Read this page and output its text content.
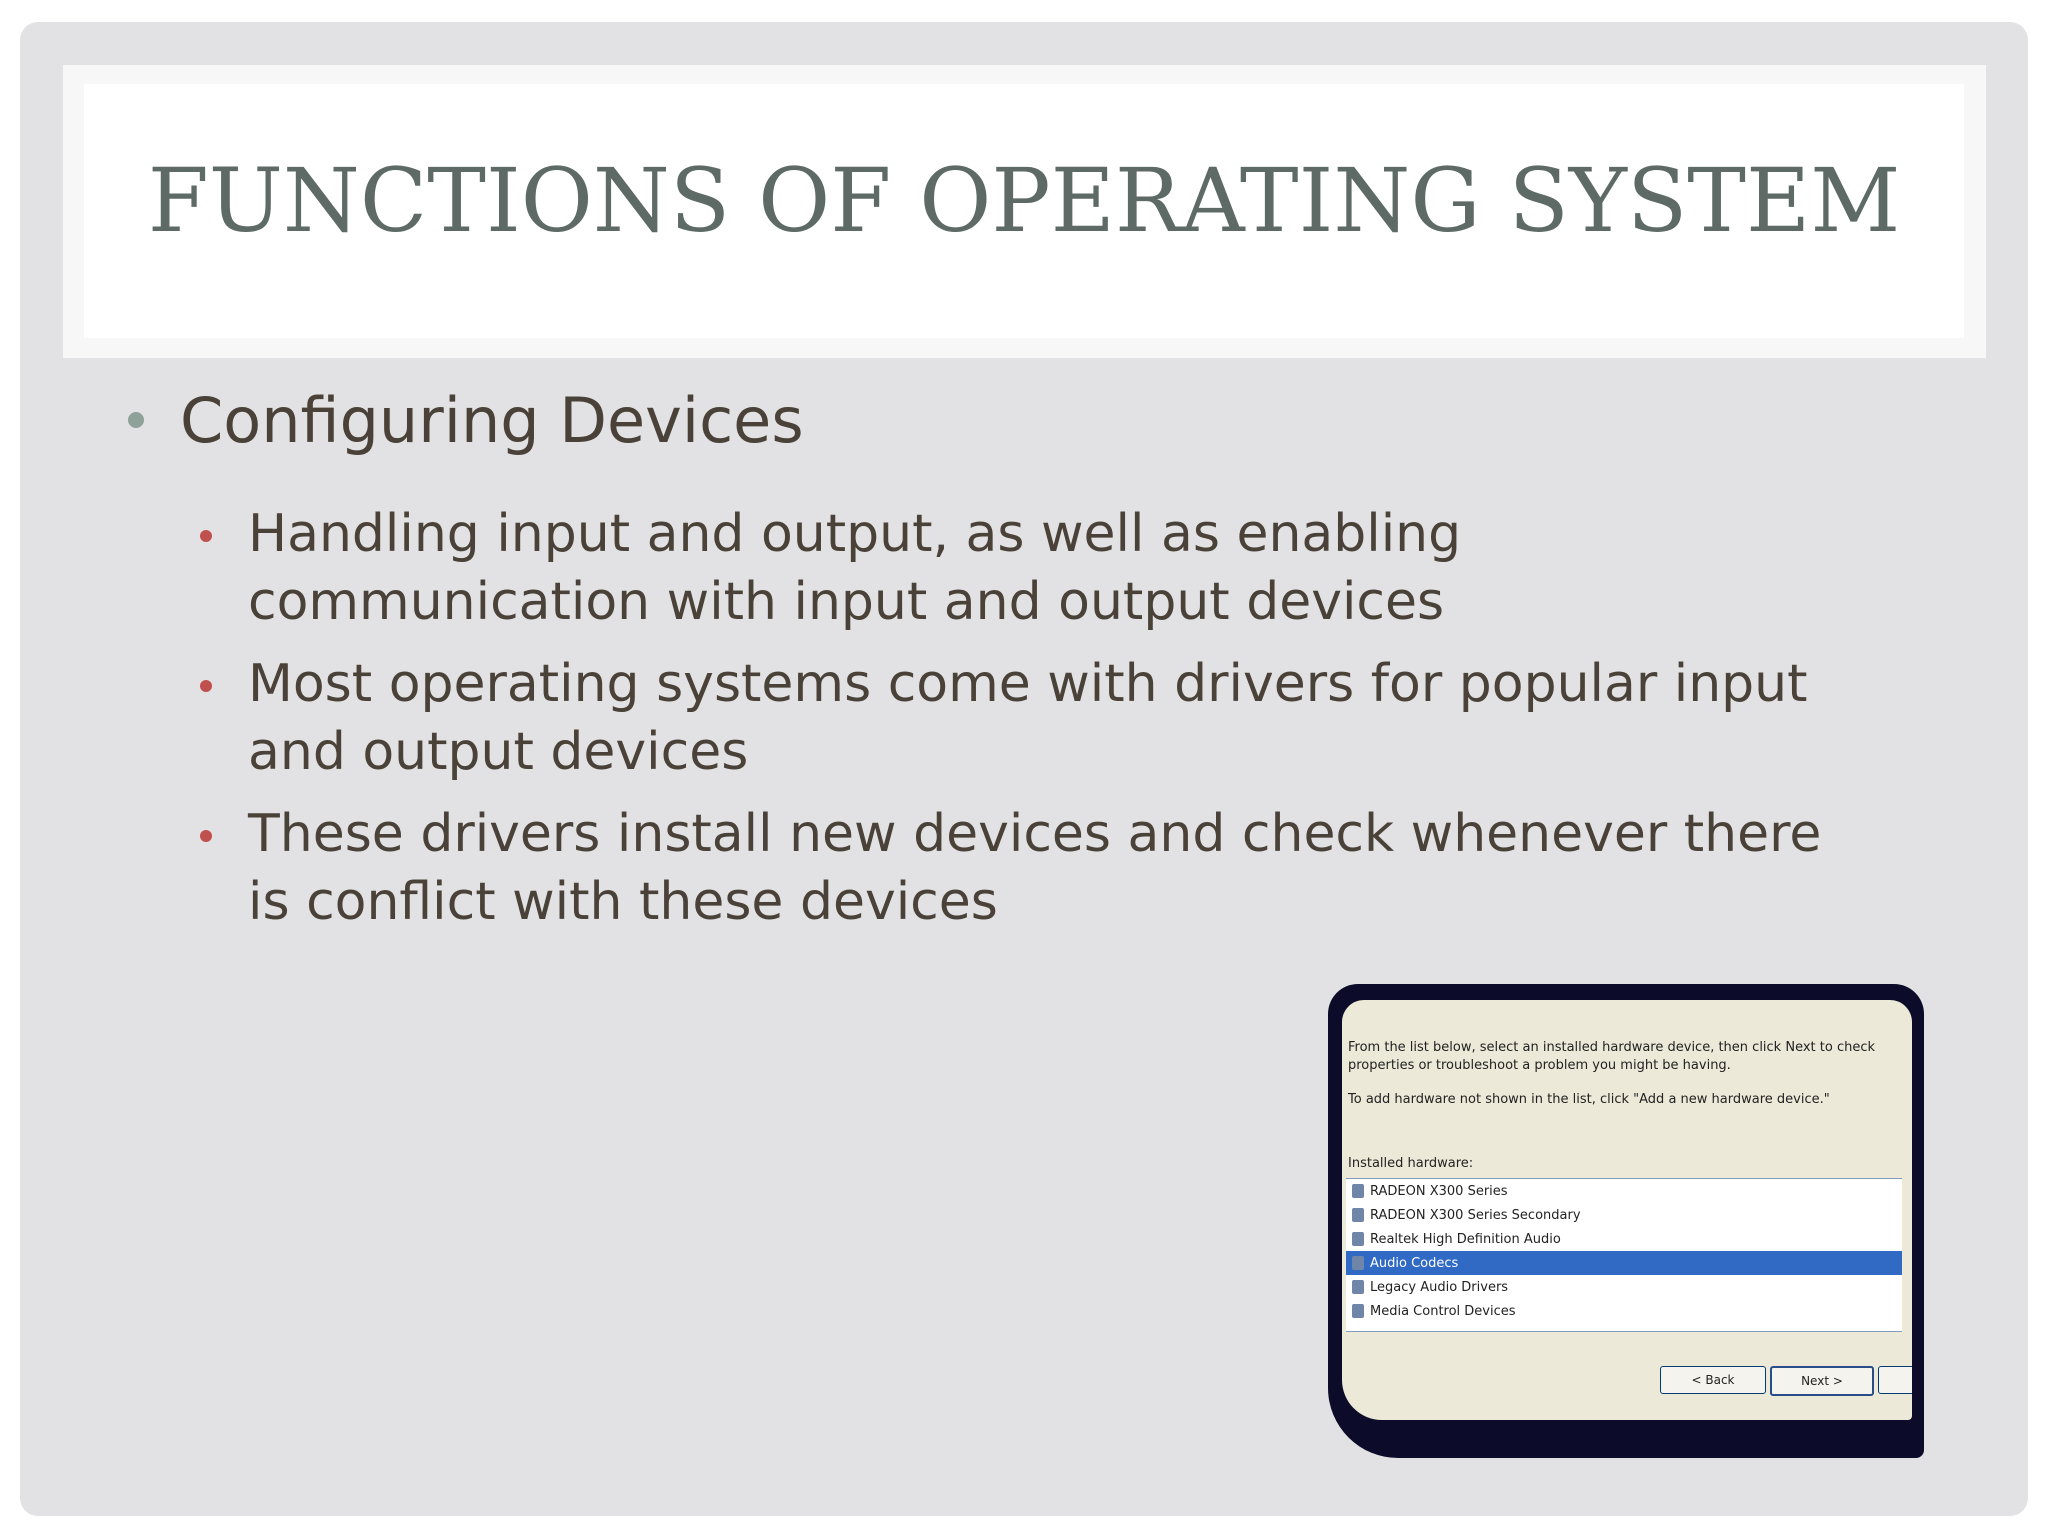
FUNCTIONS OF OPERATING SYSTEM
Configuring Devices
Handling input and output, as well as enabling
communication with input and output devices
Most operating systems come with drivers for popular input
and output devices
These drivers install new devices and check whenever there
is conflict with these devices
From the list below, select an installed hardware device, then click Next to check
properties or troubleshoot a problem you might be having.
To add hardware not shown in the list, click "Add a new hardware device."
Installed hardware:
RADEON X300 Series
RADEON X300 Series Secondary
Realtek High Definition Audio
Audio Codecs
Legacy Audio Drivers
Media Control Devices
< Back	Next >
